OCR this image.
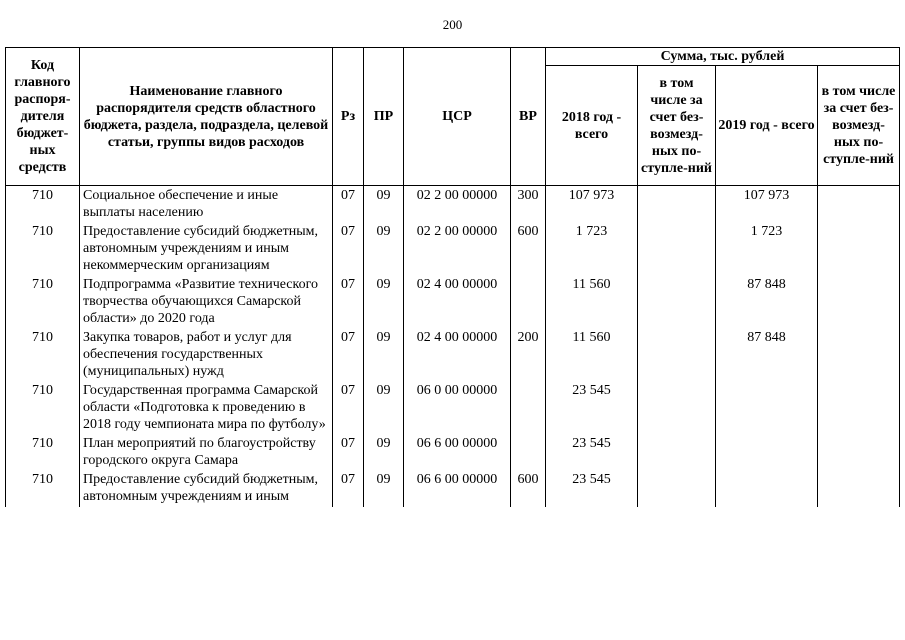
200
Код главного распоря-дителя бюджет-ных средств	Наименование главного распорядителя средств областного бюджета, раздела, подраздела, целевой статьи, группы видов расходов	Рз	ПР	ЦСР	ВР	Сумма, тыс. рублей			
						2018 год - всего	в том числе за счет без-возмезд-ных по-ступле-ний	2019 год - всего	в том числе за счет без-возмезд-ных по-ступле-ний
710	Социальное обеспечение и иные выплаты населению	07	09	02 2 00 00000	300	107 973		107 973	
710	Предоставление субсидий бюджетным, автономным учреждениям и иным некоммерческим организациям	07	09	02 2 00 00000	600	1 723		1 723	
710	Подпрограмма «Развитие технического творчества обучающихся Самарской области» до 2020 года	07	09	02 4 00 00000		11 560		87 848	
710	Закупка товаров, работ и услуг для обеспечения государственных (муниципальных) нужд	07	09	02 4 00 00000	200	11 560		87 848	
710	Государственная программа Самарской области «Подготовка к проведению в 2018 году чемпионата мира по футболу»	07	09	06 0 00 00000		23 545			
710	План мероприятий по благоустройству городского округа Самара	07	09	06 6 00 00000		23 545			
710	Предоставление субсидий бюджетным, автономным учреждениям и иным	07	09	06 6 00 00000	600	23 545			
